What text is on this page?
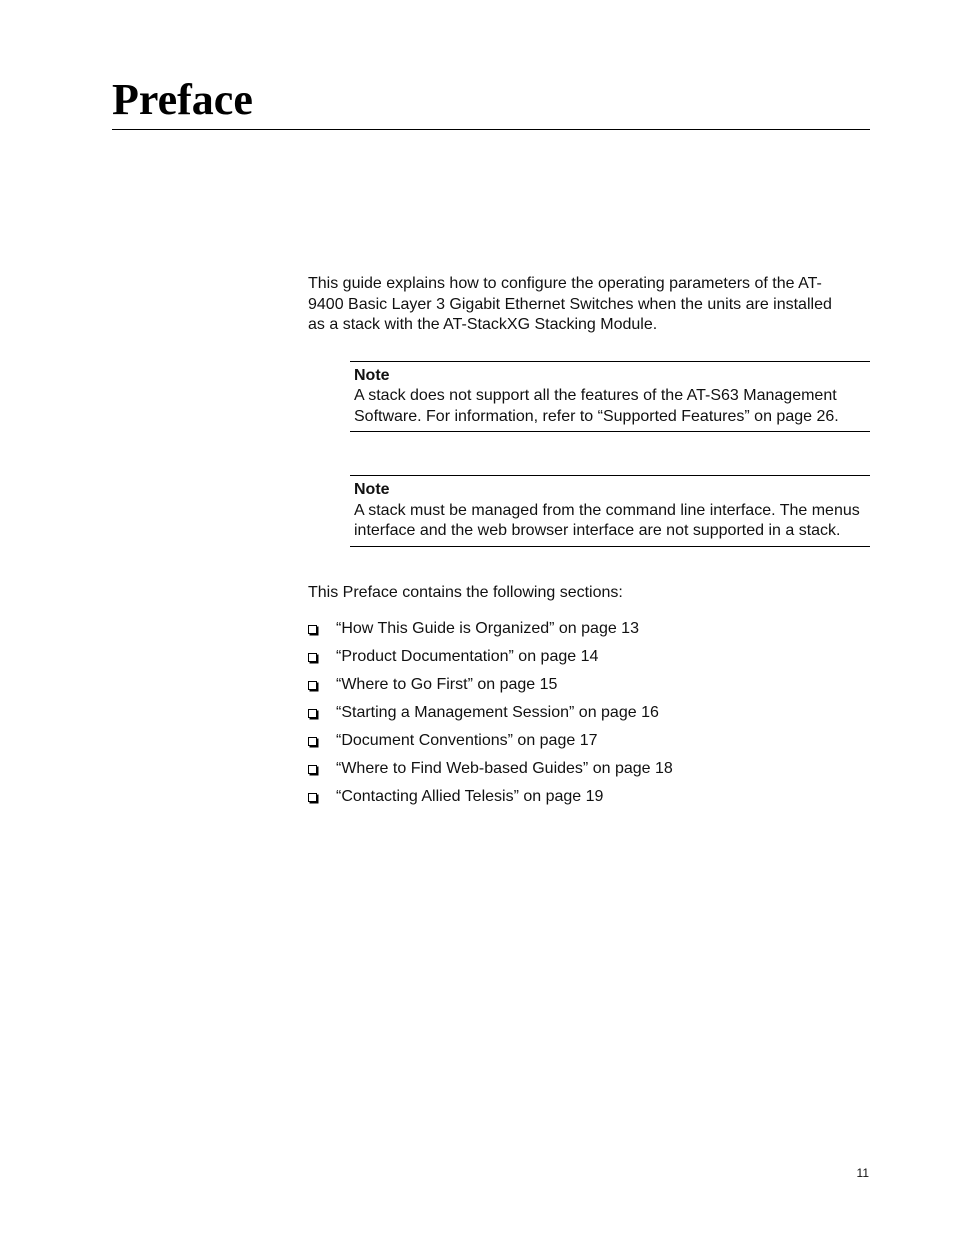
Preface

This guide explains how to configure the operating parameters of the AT-9400 Basic Layer 3 Gigabit Ethernet Switches when the units are installed as a stack with the AT-StackXG Stacking Module.

Note
A stack does not support all the features of the AT-S63 Management Software. For information, refer to “Supported Features” on page 26.
Note
A stack must be managed from the command line interface. The menus interface and the web browser interface are not supported in a stack.

This Preface contains the following sections:

“How This Guide is Organized” on page 13
“Product Documentation” on page 14
“Where to Go First” on page 15
“Starting a Management Session” on page 16
“Document Conventions” on page 17
“Where to Find Web-based Guides” on page 18
“Contacting Allied Telesis” on page 19
11
